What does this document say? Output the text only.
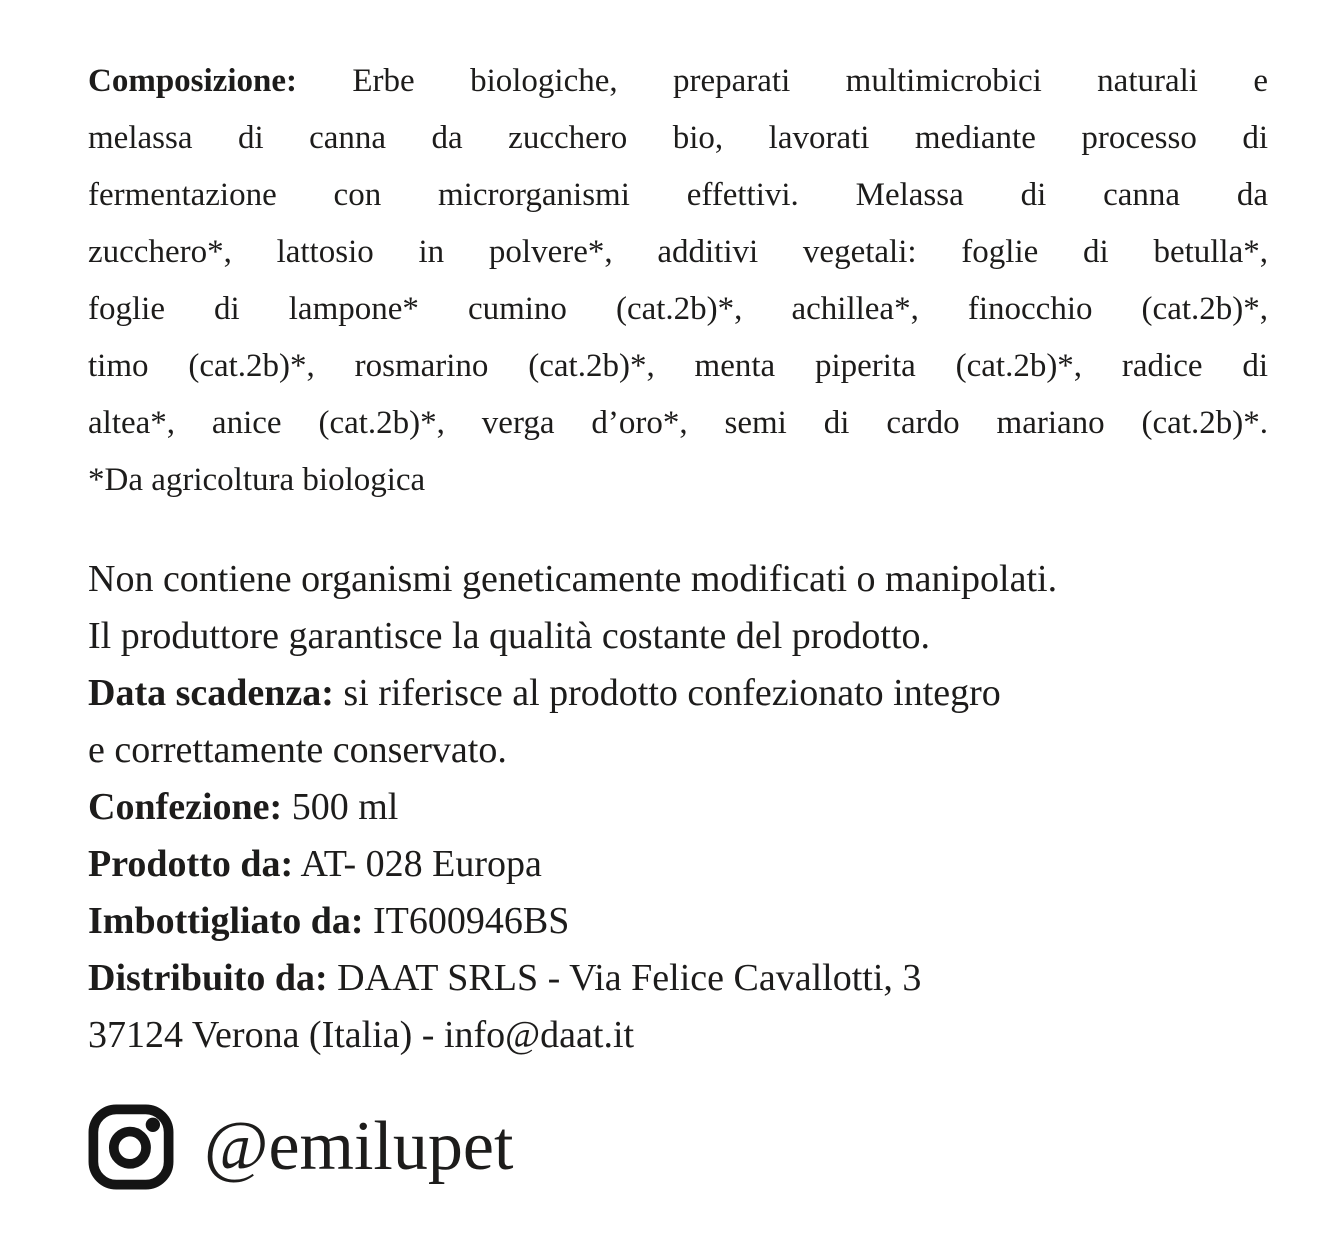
Composizione: Erbe biologiche, preparati multimicrobici naturali e

melassa di canna da zucchero bio, lavorati mediante processo di

fermentazione con microrganismi effettivi. Melassa di canna da

zucchero*, lattosio in polvere*, additivi vegetali: foglie di betulla*,

foglie di lampone* cumino (cat.2b)*, achillea*, finocchio (cat.2b)*,

timo (cat.2b)*, rosmarino (cat.2b)*, menta piperita (cat.2b)*, radice di

altea*, anice (cat.2b)*, verga d’oro*, semi di cardo mariano (cat.2b)*.

*Da agricoltura biologica

Non contiene organismi geneticamente modificati o manipolati.

Il produttore garantisce la qualità costante del prodotto.

Data scadenza: si riferisce al prodotto confezionato integro

e correttamente conservato.

Confezione: 500 ml

Prodotto da: AT- 028 Europa

Imbottigliato da: IT600946BS

Distribuito da: DAAT SRLS - Via Felice Cavallotti, 3

37124 Verona (Italia) - info@daat.it

@emilupet
